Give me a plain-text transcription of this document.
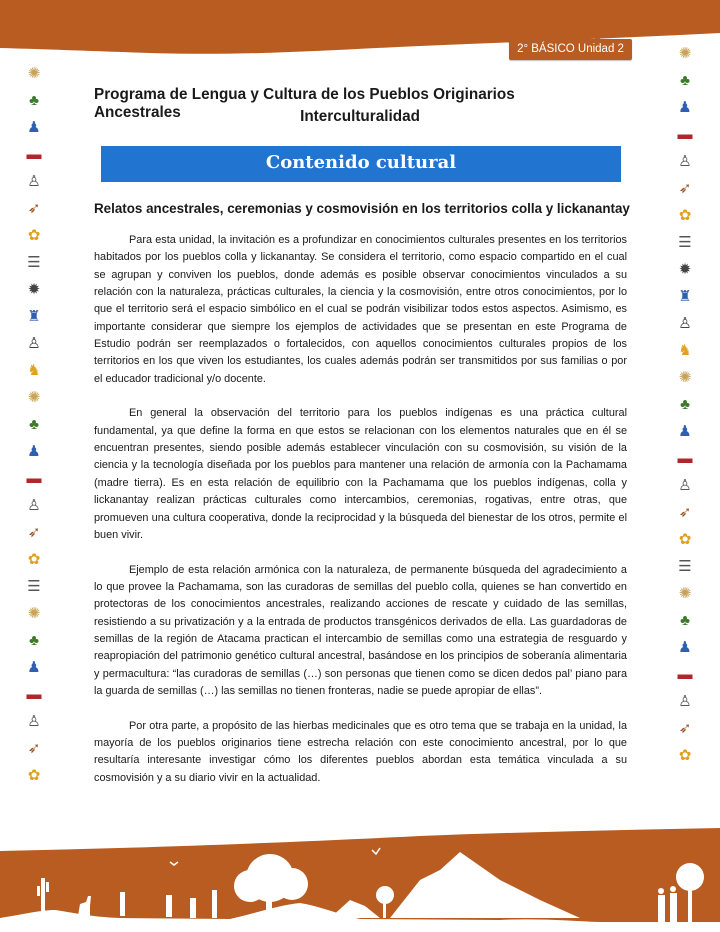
2° BÁSICO Unidad 2
✺
♣
♟
▬
♙
➶
✿
☰
✹
♜
♙
♞
✺
♣
♟
▬
♙
➶
✿
☰
✺
♣
♟
▬
♙
➶
✿
✺
♣
♟
▬
♙
➶
✿
☰
✹
♜
♙
♞
✺
♣
♟
▬
♙
➶
✿
☰
✺
♣
♟
▬
♙
➶
✿
Programa de Lengua y Cultura de los Pueblos Originarios Ancestrales	Interculturalidad
Contenido cultural
Relatos ancestrales, ceremonias y cosmovisión en los territorios colla y lickanantay

Para esta unidad, la invitación es a profundizar en conocimientos culturales presentes en los territorios habitados por los pueblos colla y lickanantay. Se considera el territorio, como espacio compartido en el cual se agrupan y conviven los pueblos, donde además es posible observar conocimientos vinculados a su relación con la naturaleza, prácticas culturales, la ciencia y la cosmovisión, entre otros conocimientos, por lo que el territorio será el espacio simbólico en el cual se podrán visibilizar todos estos aspectos. Asimismo, es importante considerar que siempre los ejemplos de actividades que se presentan en este Programa de Estudio podrán ser reemplazados o fortalecidos, con aquellos conocimientos culturales propios de los territorios en los que viven los estudiantes, los cuales además podrán ser transmitidos por sus familias o por el educador tradicional y/o docente.

En general la observación del territorio para los pueblos indígenas es una práctica cultural fundamental, ya que define la forma en que estos se relacionan con los elementos naturales que en él se encuentran presentes, siendo posible además establecer vinculación con su cosmovisión, su visión de la ciencia y la tecnología diseñada por los pueblos para mantener una relación de armonía con la Pachamama (madre tierra). Es en esta relación de equilibrio con la Pachamama que los pueblos indígenas, colla y lickanantay realizan prácticas culturales como intercambios, ceremonias, rogativas, entre otras, que promueven una cultura cooperativa, donde la reciprocidad y la búsqueda del bienestar de los otros, permite el buen vivir.

Ejemplo de esta relación armónica con la naturaleza, de permanente búsqueda del agradecimiento a lo que provee la Pachamama, son las curadoras de semillas del pueblo colla, quienes se han convertido en protectoras de los conocimientos ancestrales, realizando acciones de rescate y cuidado de las semillas, resistiendo a su privatización y a la entrada de productos transgénicos derivados de ella. Las guardadoras de semillas de la región de Atacama practican el intercambio de semillas como una estrategia de resguardo y reapropiación del patrimonio genético cultural ancestral, basándose en los principios de soberanía alimentaria y permacultura: “las curadoras de semillas (…) son personas que tienen como se dicen dedos pal’ piano para la guarda de semillas (…) las semillas no tienen fronteras, nadie se puede apropiar de ellas”.

Por otra parte, a propósito de las hierbas medicinales que es otro tema que se trabaja en la unidad, la mayoría de los pueblos originarios tiene estrecha relación con este conocimiento ancestral, por lo que resultaría interesante investigar cómo los diferentes pueblos abordan esta temática vinculada a su cosmovisión y a su diario vivir en la actualidad.
